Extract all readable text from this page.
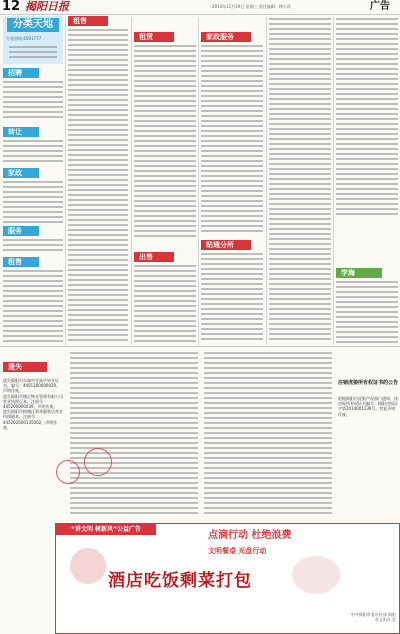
12 揭阳日报	2014年11月19日 星期三 责任编辑：林小凤	广告
分类天地
分类热线:6591777
招聘
转让
家政
服务
租售
租售
租赁
出售
家政服务
贴通分所
学海
遗失
遗失揭阳市东湖中学高中毕业证书，编号：4491300000029，声明作废。
遗失揭阳市德正物业管理有限公司营业执照正本，注册号：445200000039，声明作废。
遗失揭阳市榕城区莉华服装店营业执照副本，注册号：445202600135002，声明作废。
注销虎狼所有权证书的公告
根据揭阳市虎狼产权部门通知，该房屋所有权证书编号：揭阳房权证字第2014001239号，特此声明作废。
“讲文明 树新风”公益广告
点滴行动 杜绝浪费
文明餐桌 光盘行动
酒店吃饭剩菜打包
中共揭阳市委宣传部 揭阳市文明办 宣
